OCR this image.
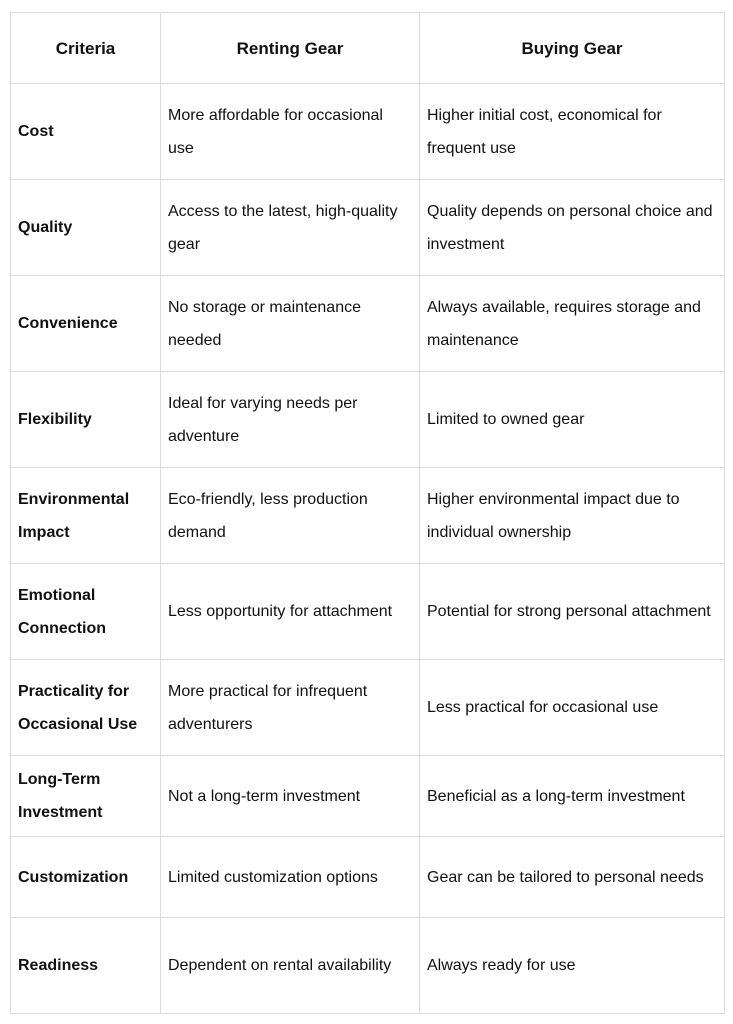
Criteria	Renting Gear	Buying Gear
Cost	More affordable for occasional use	Higher initial cost, economical for frequent use
Quality	Access to the latest, high-quality gear	Quality depends on personal choice and investment
Convenience	No storage or maintenance needed	Always available, requires storage and maintenance
Flexibility	Ideal for varying needs per adventure	Limited to owned gear
Environmental Impact	Eco-friendly, less production demand	Higher environmental impact due to individual ownership
Emotional Connection	Less opportunity for attachment	Potential for strong personal attachment
Practicality for Occasional Use	More practical for infrequent adventurers	Less practical for occasional use
Long-Term Investment	Not a long-term investment	Beneficial as a long-term investment
Customization	Limited customization options	Gear can be tailored to personal needs
Readiness	Dependent on rental availability	Always ready for use
